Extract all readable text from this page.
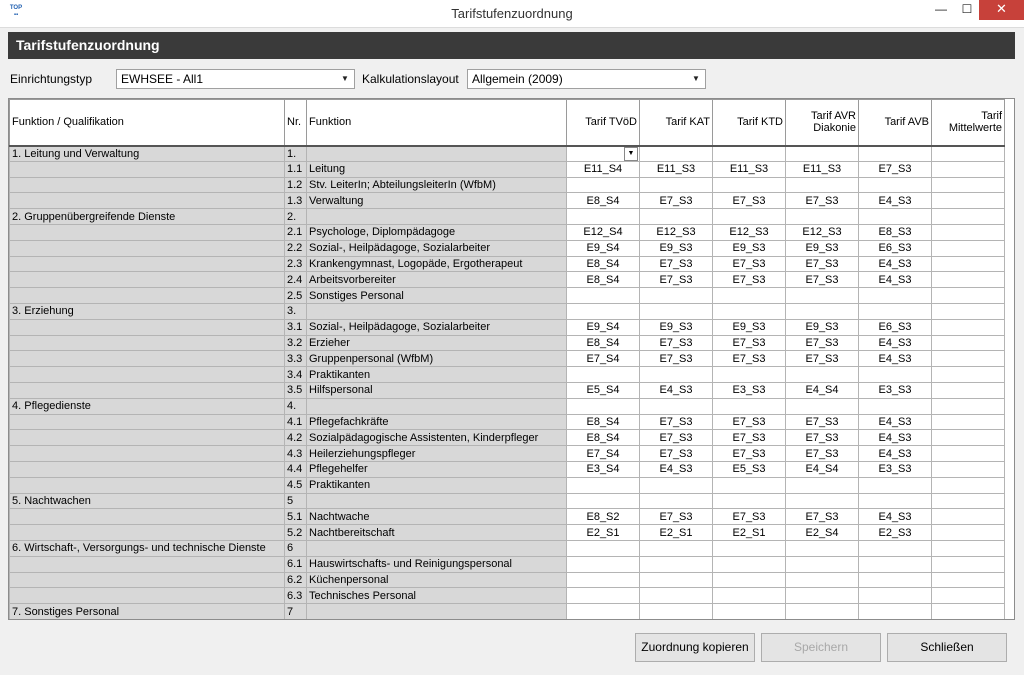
TOP
▪▪	Tarifstufenzuordnung	—	☐	✕
Tarifstufenzuordnung
Einrichtungstyp	EWHSEE - All1	▼ Kalkulationslayout	Allgemein (2009)	▼
Funktion / Qualifikation	Nr.	Funktion	Tarif TVöD	Tarif KAT	Tarif KTD	Tarif AVR Diakonie	Tarif AVB	Tarif Mittelwerte
1. Leitung und Verwaltung	1.		▼					

	1.1	Leitung	E11_S4	E11_S3	E11_S3	E11_S3	E7_S3	
	1.2	Stv. LeiterIn; AbteilungsleiterIn (WfbM)						
	1.3	Verwaltung	E8_S4	E7_S3	E7_S3	E7_S3	E4_S3	
2. Gruppenübergreifende Dienste	2.							
	2.1	Psychologe, Diplompädagoge	E12_S4	E12_S3	E12_S3	E12_S3	E8_S3	
	2.2	Sozial-, Heilpädagoge, Sozialarbeiter	E9_S4	E9_S3	E9_S3	E9_S3	E6_S3	
	2.3	Krankengymnast, Logopäde, Ergotherapeut	E8_S4	E7_S3	E7_S3	E7_S3	E4_S3	
	2.4	Arbeitsvorbereiter	E8_S4	E7_S3	E7_S3	E7_S3	E4_S3	
	2.5	Sonstiges Personal						
3. Erziehung	3.							
	3.1	Sozial-, Heilpädagoge, Sozialarbeiter	E9_S4	E9_S3	E9_S3	E9_S3	E6_S3	
	3.2	Erzieher	E8_S4	E7_S3	E7_S3	E7_S3	E4_S3	
	3.3	Gruppenpersonal (WfbM)	E7_S4	E7_S3	E7_S3	E7_S3	E4_S3	
	3.4	Praktikanten						
	3.5	Hilfspersonal	E5_S4	E4_S3	E3_S3	E4_S4	E3_S3	
4. Pflegedienste	4.							
	4.1	Pflegefachkräfte	E8_S4	E7_S3	E7_S3	E7_S3	E4_S3	
	4.2	Sozialpädagogische Assistenten, Kinderpfleger	E8_S4	E7_S3	E7_S3	E7_S3	E4_S3	
	4.3	Heilerziehungspfleger	E7_S4	E7_S3	E7_S3	E7_S3	E4_S3	
	4.4	Pflegehelfer	E3_S4	E4_S3	E5_S3	E4_S4	E3_S3	
	4.5	Praktikanten						
5. Nachtwachen	5							
	5.1	Nachtwache	E8_S2	E7_S3	E7_S3	E7_S3	E4_S3	
	5.2	Nachtbereitschaft	E2_S1	E2_S1	E2_S1	E2_S4	E2_S3	
6. Wirtschaft-, Versorgungs- und technische Dienste	6							
	6.1	Hauswirtschafts- und Reinigungspersonal						
	6.2	Küchenpersonal						
	6.3	Technisches Personal						
7. Sonstiges Personal	7							
Zuordnung kopieren	Speichern	Schließen
